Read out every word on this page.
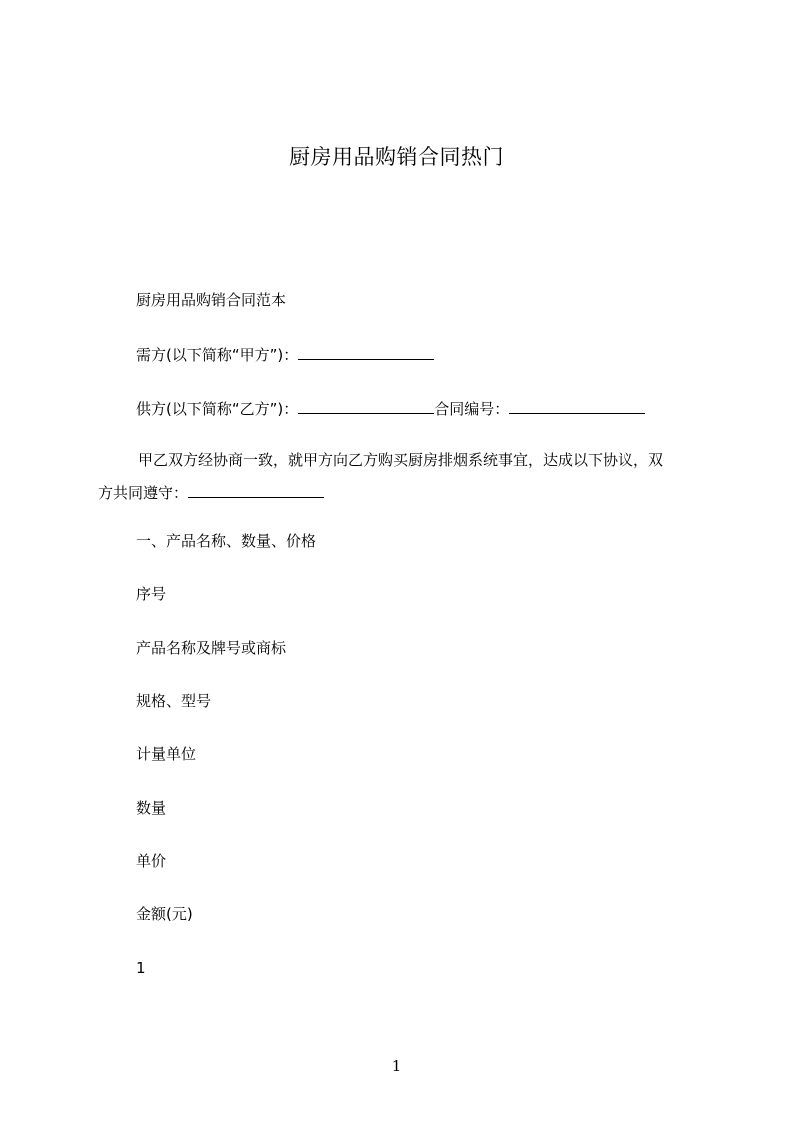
厨房用品购销合同热门
厨房用品购销合同范本
需方(以下简称“甲方”)：
供方(以下简称“乙方”)：	合同编号：
甲乙双方经协商一致，就甲方向乙方购买厨房排烟系统事宜，达成以下协议，双
方共同遵守：
一、产品名称、数量、价格
序号
产品名称及牌号或商标
规格、型号
计量单位
数量
单价
金额(元)
1
1
